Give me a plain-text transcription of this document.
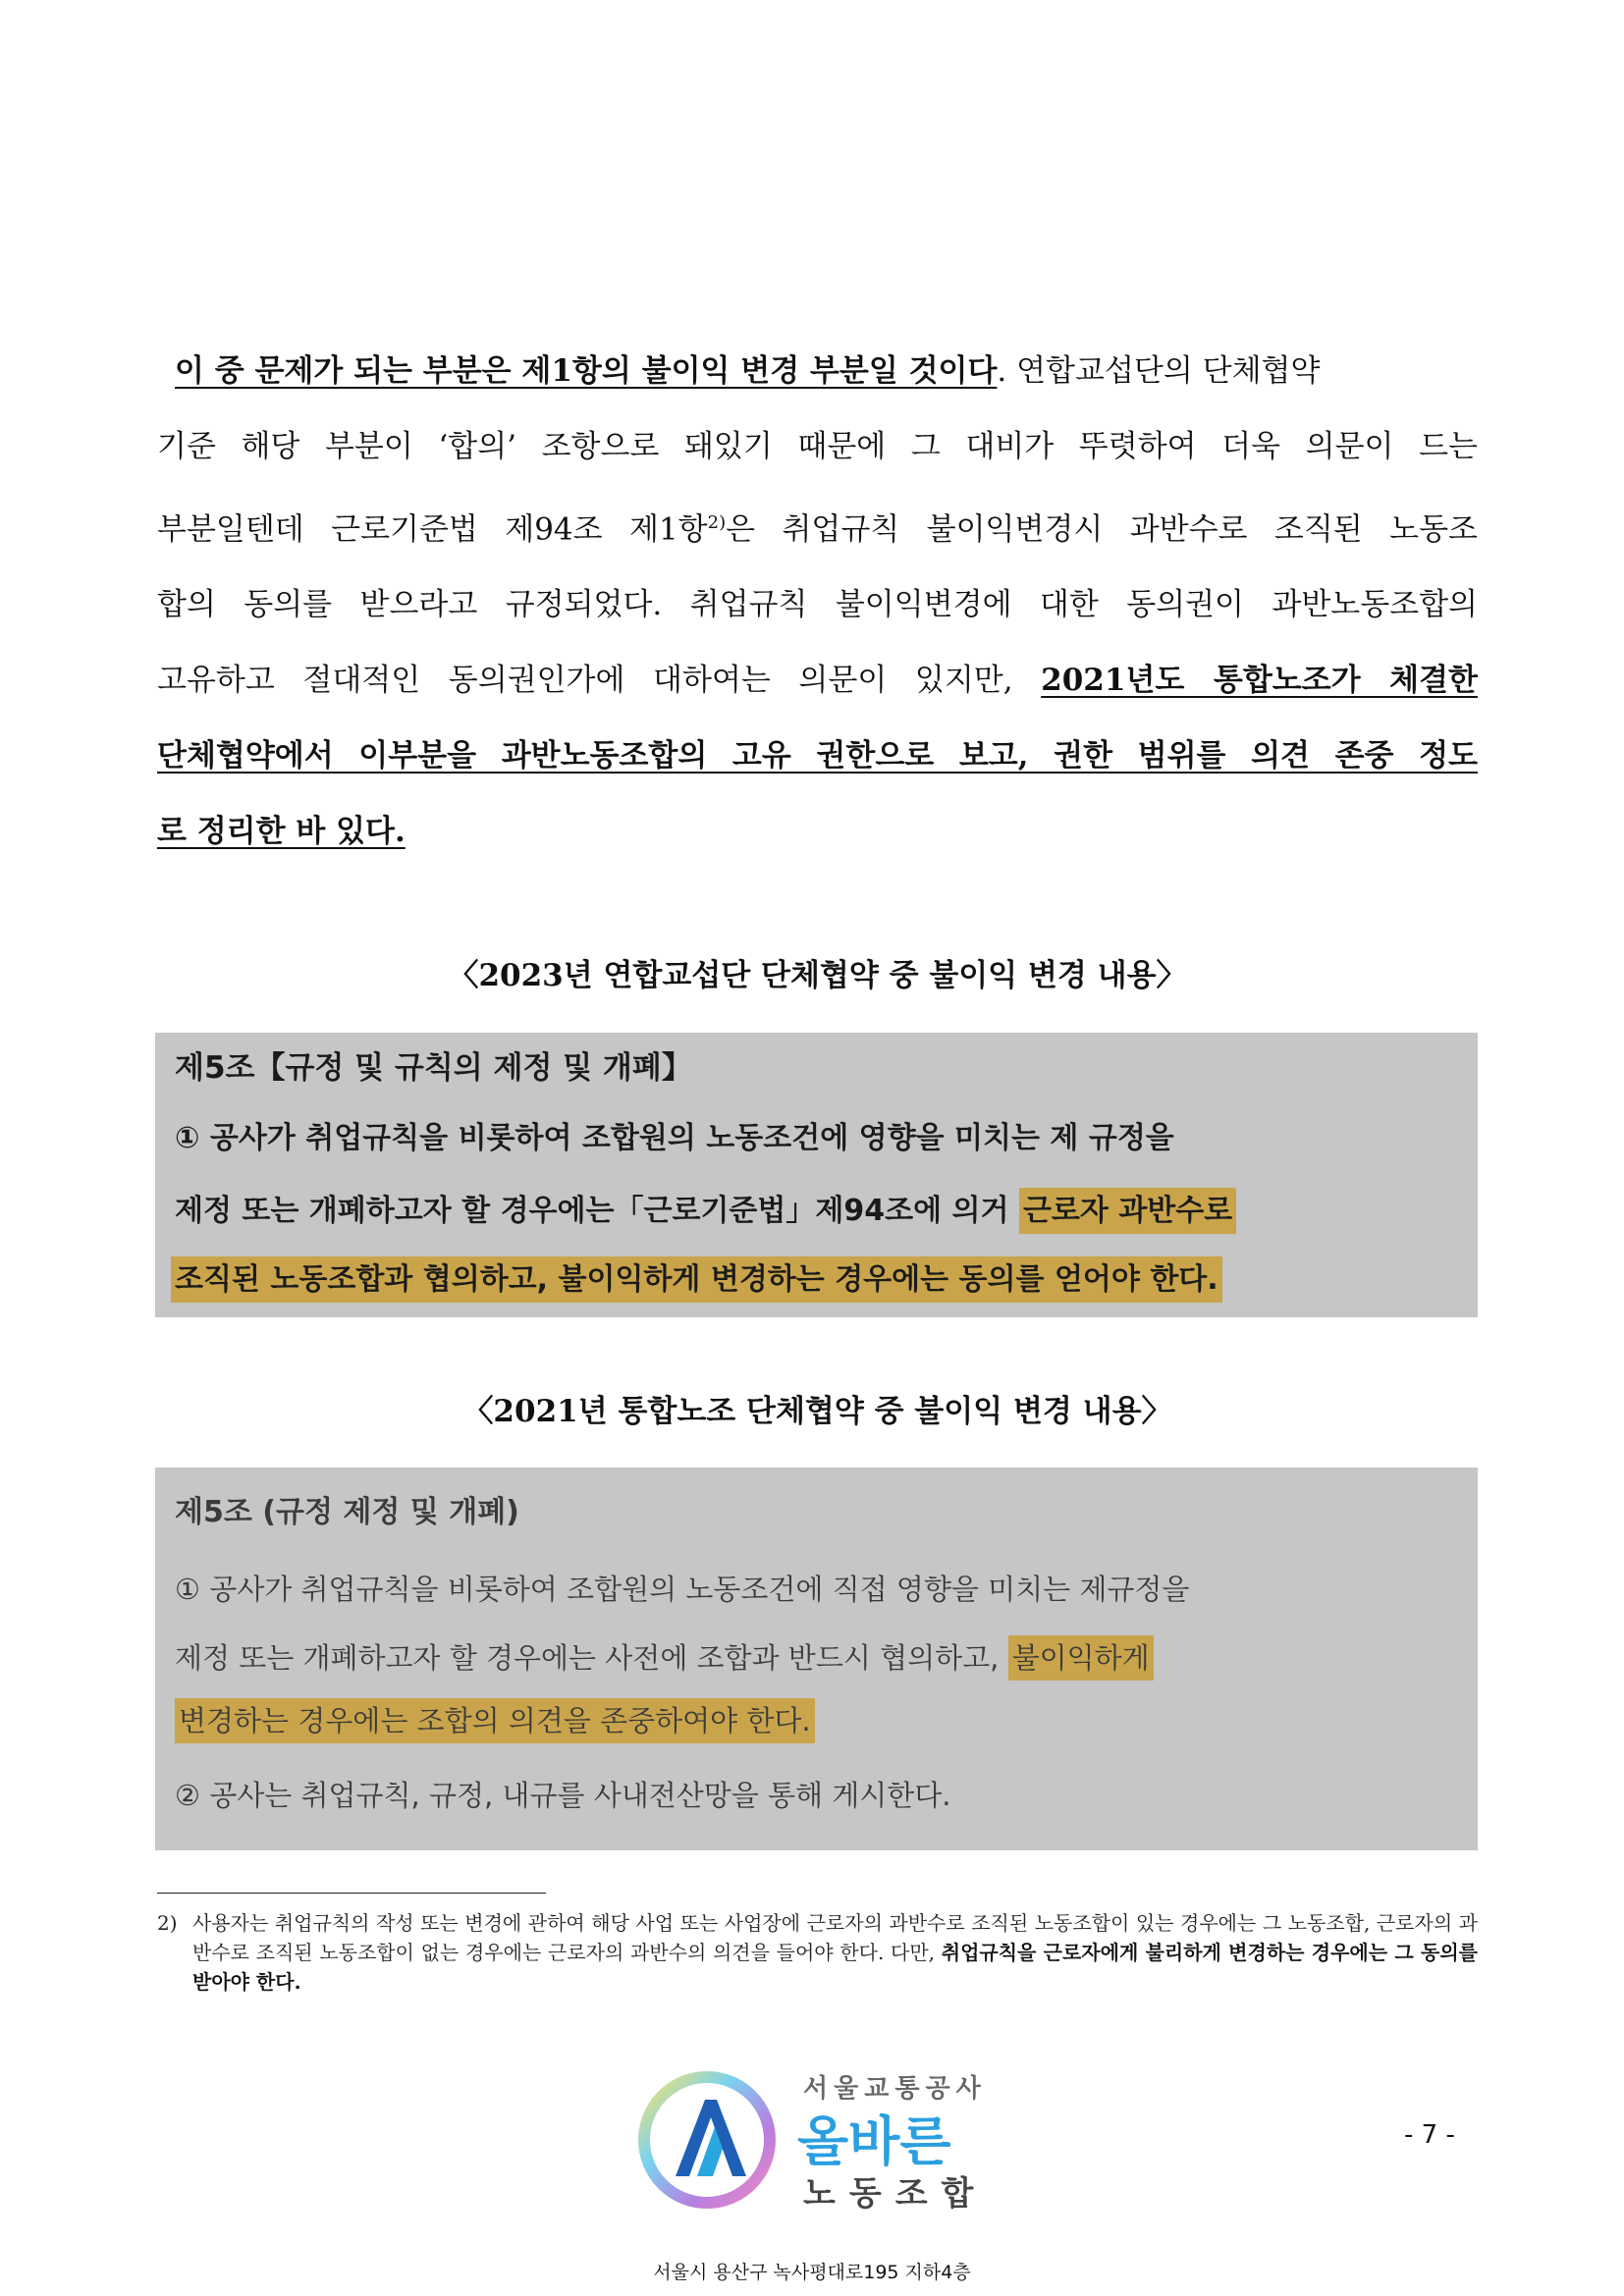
이 중 문제가 되는 부분은 제1항의 불이익 변경 부분일 것이다. 연합교섭단의 단체협약
기준 해당 부분이 ‘합의’ 조항으로 돼있기 때문에 그 대비가 뚜렷하여 더욱 의문이 드는
부분일텐데 근로기준법 제94조 제1항$^{2)}$은 취업규칙 불이익변경시 과반수로 조직된 노동조
합의 동의를 받으라고 규정되었다. 취업규칙 불이익변경에 대한 동의권이 과반노동조합의
고유하고 절대적인 동의권인가에 대하여는 의문이 있지만, 2021년도 통합노조가 체결한
단체협약에서 이부분을 과반노동조합의 고유 권한으로 보고, 권한 범위를 의견 존중 정도
로 정리한 바 있다.
〈2023년 연합교섭단 단체협약 중 불이익 변경 내용〉
제5조【규정 및 규칙의 제정 및 개폐】
① 공사가 취업규칙을 비롯하여 조합원의 노동조건에 영향을 미치는 제 규정을
제정 또는 개폐하고자 할 경우에는「근로기준법」제94조에 의거 근로자 과반수로
조직된 노동조합과 협의하고, 불이익하게 변경하는 경우에는 동의를 얻어야 한다.
〈2021년 통합노조 단체협약 중 불이익 변경 내용〉
제5조 (규정 제정 및 개폐)
① 공사가 취업규칙을 비롯하여 조합원의 노동조건에 직접 영향을 미치는 제규정을
제정 또는 개폐하고자 할 경우에는 사전에 조합과 반드시 협의하고, 불이익하게
변경하는 경우에는 조합의 의견을 존중하여야 한다.
② 공사는 취업규칙, 규정, 내규를 사내전산망을 통해 게시한다.
2) 사용자는 취업규칙의 작성 또는 변경에 관하여 해당 사업 또는 사업장에 근로자의 과반수로 조직된 노동조합이 있는 경우에는 그 노동조합, 근로자의 과반수로 조직된 노동조합이 없는 경우에는 근로자의 과반수의 의견을 들어야 한다. 다만, 취업규칙을 근로자에게 불리하게 변경하는 경우에는 그 동의를 받아야 한다.
서울교통공사
올바른
노동조합
- 7 -
서울시 용산구 녹사평대로195 지하4층
